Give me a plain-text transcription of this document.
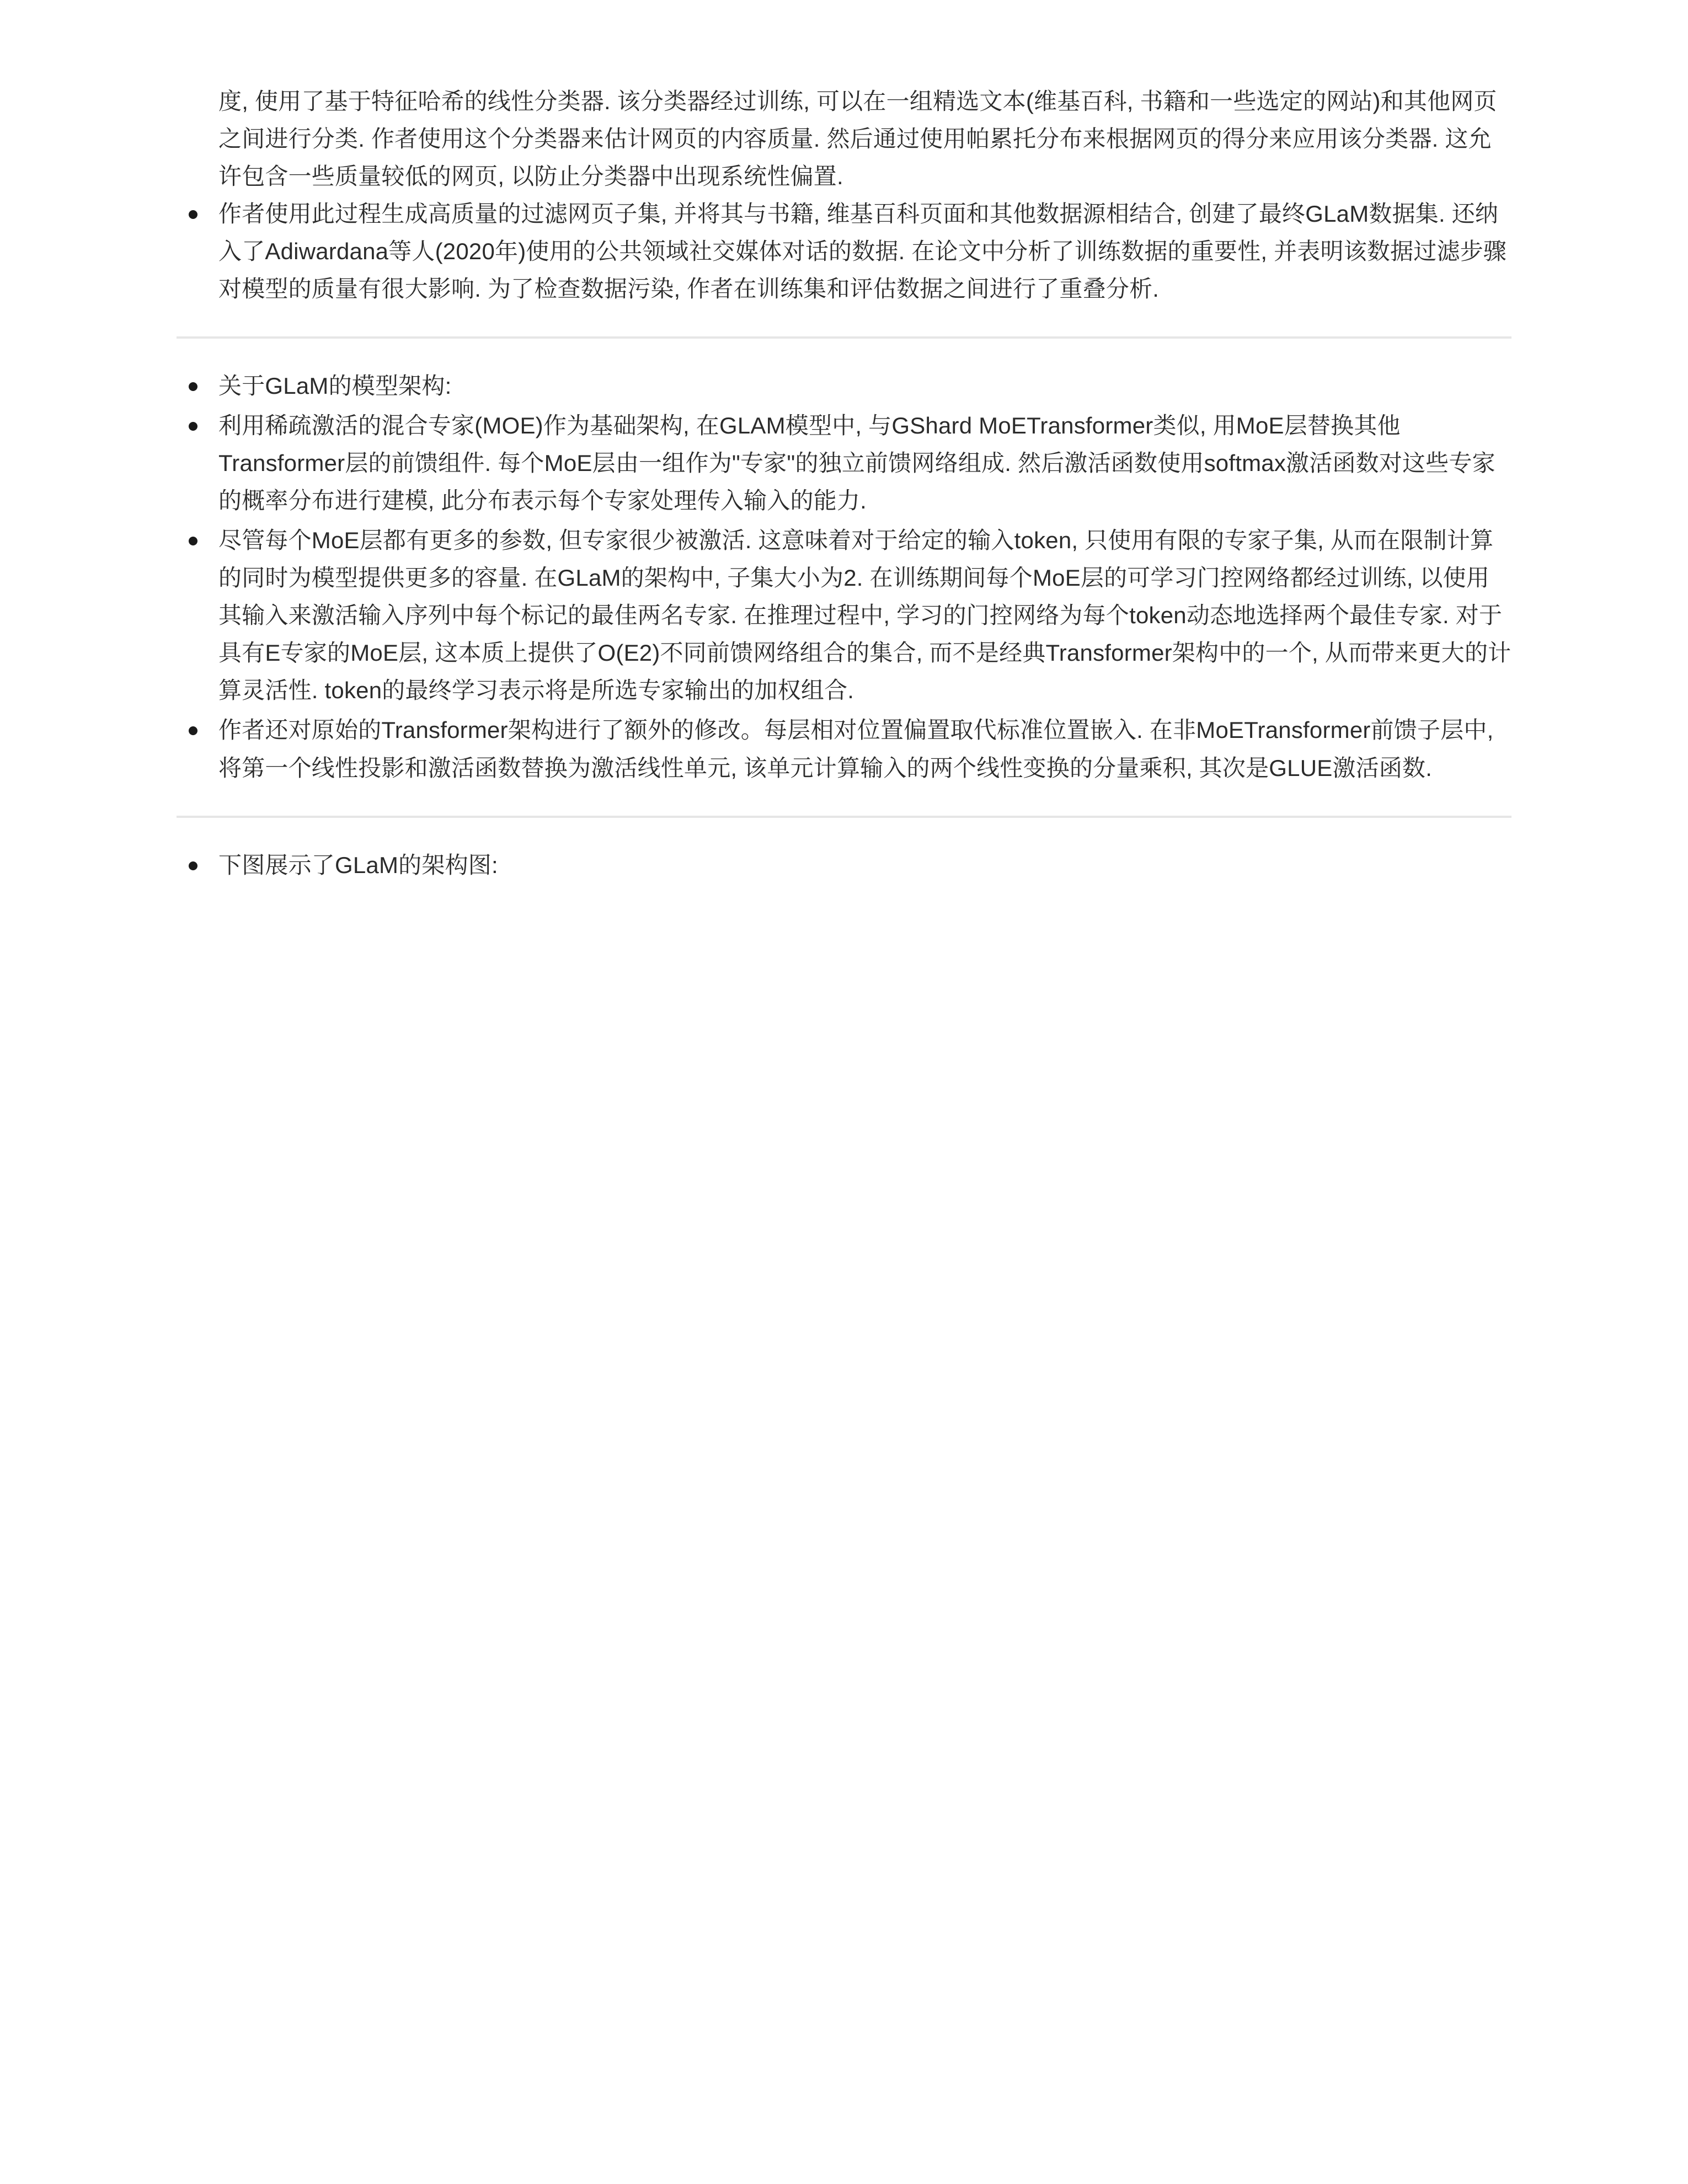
度, 使用了基于特征哈希的线性分类器. 该分类器经过训练, 可以在一组精选文本(维基百科, 书籍和一些选定的网站)和其他网页之间进行分类. 作者使用这个分类器来估计网页的内容质量. 然后通过使用帕累托分布来根据网页的得分来应用该分类器. 这允许包含一些质量较低的网页, 以防止分类器中出现系统性偏置.

作者使用此过程生成高质量的过滤网页子集, 并将其与书籍, 维基百科页面和其他数据源相结合, 创建了最终GLaM数据集. 还纳入了Adiwardana等人(2020年)使用的公共领域社交媒体对话的数据. 在论文中分析了训练数据的重要性, 并表明该数据过滤步骤对模型的质量有很大影响. 为了检查数据污染, 作者在训练集和评估数据之间进行了重叠分析.
关于GLaM的模型架构:
利用稀疏激活的混合专家(MOE)作为基础架构, 在GLAM模型中, 与GShard MoETransformer类似, 用MoE层替换其他Transformer层的前馈组件. 每个MoE层由一组作为"专家"的独立前馈网络组成. 然后激活函数使用softmax激活函数对这些专家的概率分布进行建模, 此分布表示每个专家处理传入输入的能力.
尽管每个MoE层都有更多的参数, 但专家很少被激活. 这意味着对于给定的输入token, 只使用有限的专家子集, 从而在限制计算的同时为模型提供更多的容量. 在GLaM的架构中, 子集大小为2. 在训练期间每个MoE层的可学习门控网络都经过训练, 以使用其输入来激活输入序列中每个标记的最佳两名专家. 在推理过程中, 学习的门控网络为每个token动态地选择两个最佳专家. 对于具有E专家的MoE层, 这本质上提供了O(E2)不同前馈网络组合的集合, 而不是经典Transformer架构中的一个, 从而带来更大的计算灵活性. token的最终学习表示将是所选专家输出的加权组合.
作者还对原始的Transformer架构进行了额外的修改。每层相对位置偏置取代标准位置嵌入. 在非MoETransformer前馈子层中, 将第一个线性投影和激活函数替换为激活线性单元, 该单元计算输入的两个线性变换的分量乘积, 其次是GLUE激活函数.
下图展示了GLaM的架构图:
